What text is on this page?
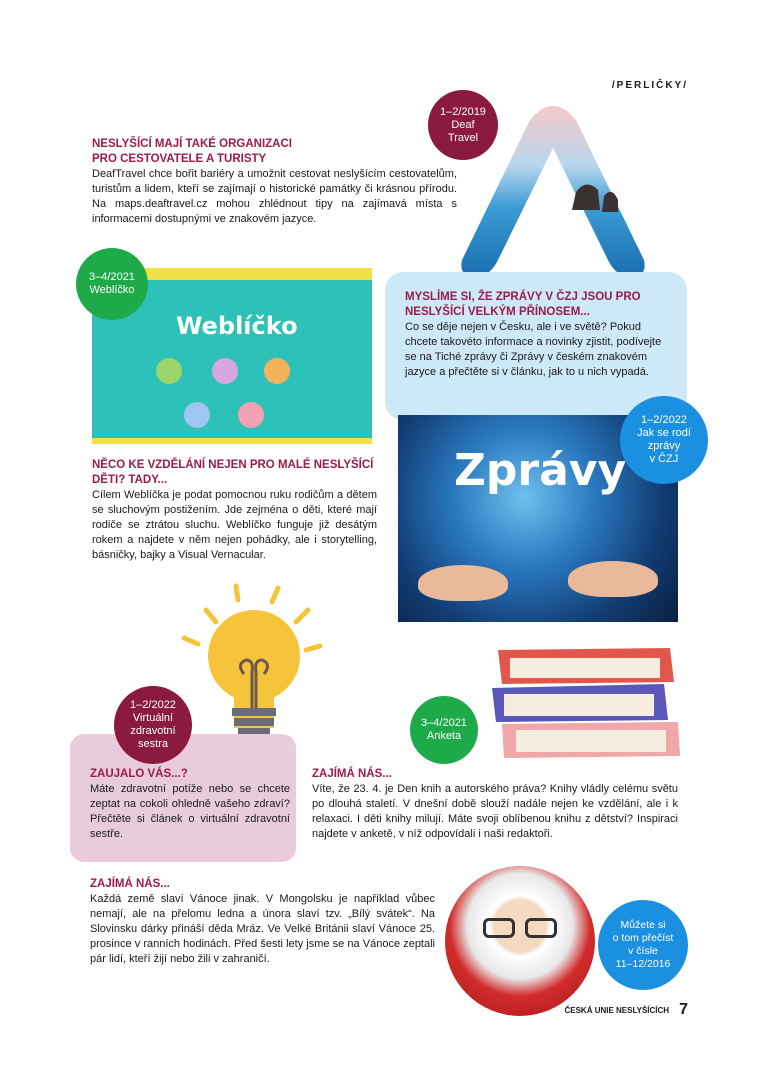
/PERLIČKY/

NESLYŠÍCÍ MAJÍ TAKÉ ORGANIZACI PRO CESTOVATELE A TURISTY

DeafTravel chce bořit bariéry a umožnit cestovat neslyšícím cestovatelům, turistům a lidem, kteří se zajímají o historické památky či krásnou přírodu. Na maps.deaftravel.cz mohou zhlédnout tipy na zajímavá místa s informacemi dostupnými ve znakovém jazyce.

1–2/2019
Deaf
Travel
Weblíčko
3–4/2021
Weblíčko

NĚCO KE VZDĚLÁNÍ NEJEN PRO MALÉ NESLYŠÍCÍ DĚTI? TADY...

Cílem Weblíčka je podat pomocnou ruku rodičům a dětem se sluchovým postižením. Jde zejména o děti, které mají rodiče se ztrátou sluchu. Weblíčko funguje již desátým rokem a najdete v něm nejen pohádky, ale i storytelling, básničky, bajky a Visual Vernacular.

MYSLÍME SI, ŽE ZPRÁVY V ČZJ JSOU PRO NESLYŠÍCÍ VELKÝM PŘÍNOSEM...

Co se děje nejen v Česku, ale i ve světě? Pokud chcete takovéto informace a novinky zjistit, podívejte se na Tiché zprávy či Zprávy v českém znakovém jazyce a přečtěte si v článku, jak to u nich vypadá.

Zprávy
1–2/2022
Jak se rodí
zprávy
v ČZJ
1–2/2022
Virtuální
zdravotní
sestra

ZAUJALO VÁS...?

Máte zdravotní potíže nebo se chcete zeptat na cokoli ohledně vašeho zdraví? Přečtěte si článek o virtuální zdravotní sestře.

3–4/2021
Anketa

ZAJÍMÁ NÁS...

Víte, že 23. 4. je Den knih a autorského práva? Knihy vládly celému světu po dlouhá staletí. V dnešní době slouží nadále nejen ke vzdělání, ale i k relaxaci. I děti knihy milují. Máte svoji oblíbenou knihu z dětství? Inspiraci najdete v anketě, v níž odpovídali i naši redaktoři.

ZAJÍMÁ NÁS...

Každá země slaví Vánoce jinak. V Mongolsku je například vůbec nemají, ale na přelomu ledna a února slaví tzv. „Bílý svátek“. Na Slovinsku dárky přináší děda Mráz. Ve Velké Británii slaví Vánoce 25. prosince v ranních hodinách. Před šesti lety jsme se na Vánoce zeptali pár lidí, kteří žijí nebo žili v zahraničí.

Můžete si
o tom přečíst
v čísle
11–12/2016
ČESKÁ UNIE NESLYŠÍCÍCH 7
